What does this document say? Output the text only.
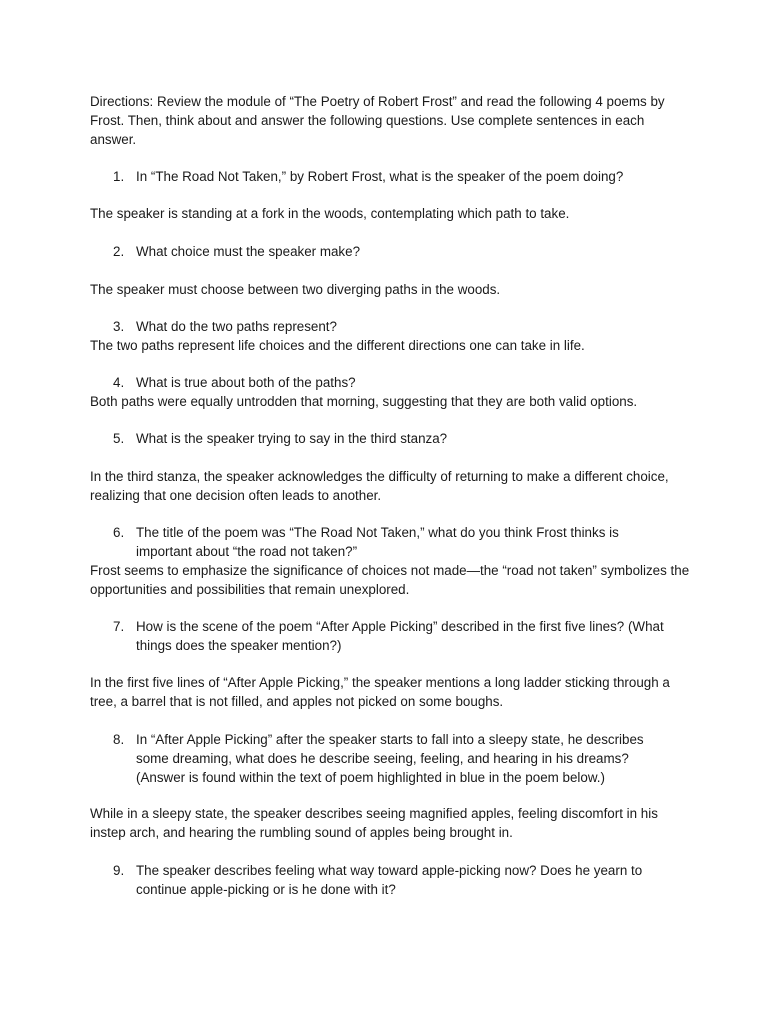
Directions: Review the module of “The Poetry of Robert Frost” and read the following 4 poems by Frost. Then, think about and answer the following questions. Use complete sentences in each answer.

1. In “The Road Not Taken,” by Robert Frost, what is the speaker of the poem doing?

The speaker is standing at a fork in the woods, contemplating which path to take.

2. What choice must the speaker make?

The speaker must choose between two diverging paths in the woods.

3. What do the two paths represent?

The two paths represent life choices and the different directions one can take in life.

4. What is true about both of the paths?

Both paths were equally untrodden that morning, suggesting that they are both valid options.

5. What is the speaker trying to say in the third stanza?

In the third stanza, the speaker acknowledges the difficulty of returning to make a different choice, realizing that one decision often leads to another.

6. The title of the poem was “The Road Not Taken,” what do you think Frost thinks is important about “the road not taken?”

Frost seems to emphasize the significance of choices not made—the “road not taken” symbolizes the opportunities and possibilities that remain unexplored.

7. How is the scene of the poem “After Apple Picking” described in the first five lines? (What things does the speaker mention?)

In the first five lines of “After Apple Picking,” the speaker mentions a long ladder sticking through a tree, a barrel that is not filled, and apples not picked on some boughs.

8. In “After Apple Picking” after the speaker starts to fall into a sleepy state, he describes some dreaming, what does he describe seeing, feeling, and hearing in his dreams? (Answer is found within the text of poem highlighted in blue in the poem below.)

While in a sleepy state, the speaker describes seeing magnified apples, feeling discomfort in his instep arch, and hearing the rumbling sound of apples being brought in.

9. The speaker describes feeling what way toward apple-picking now? Does he yearn to continue apple-picking or is he done with it?
